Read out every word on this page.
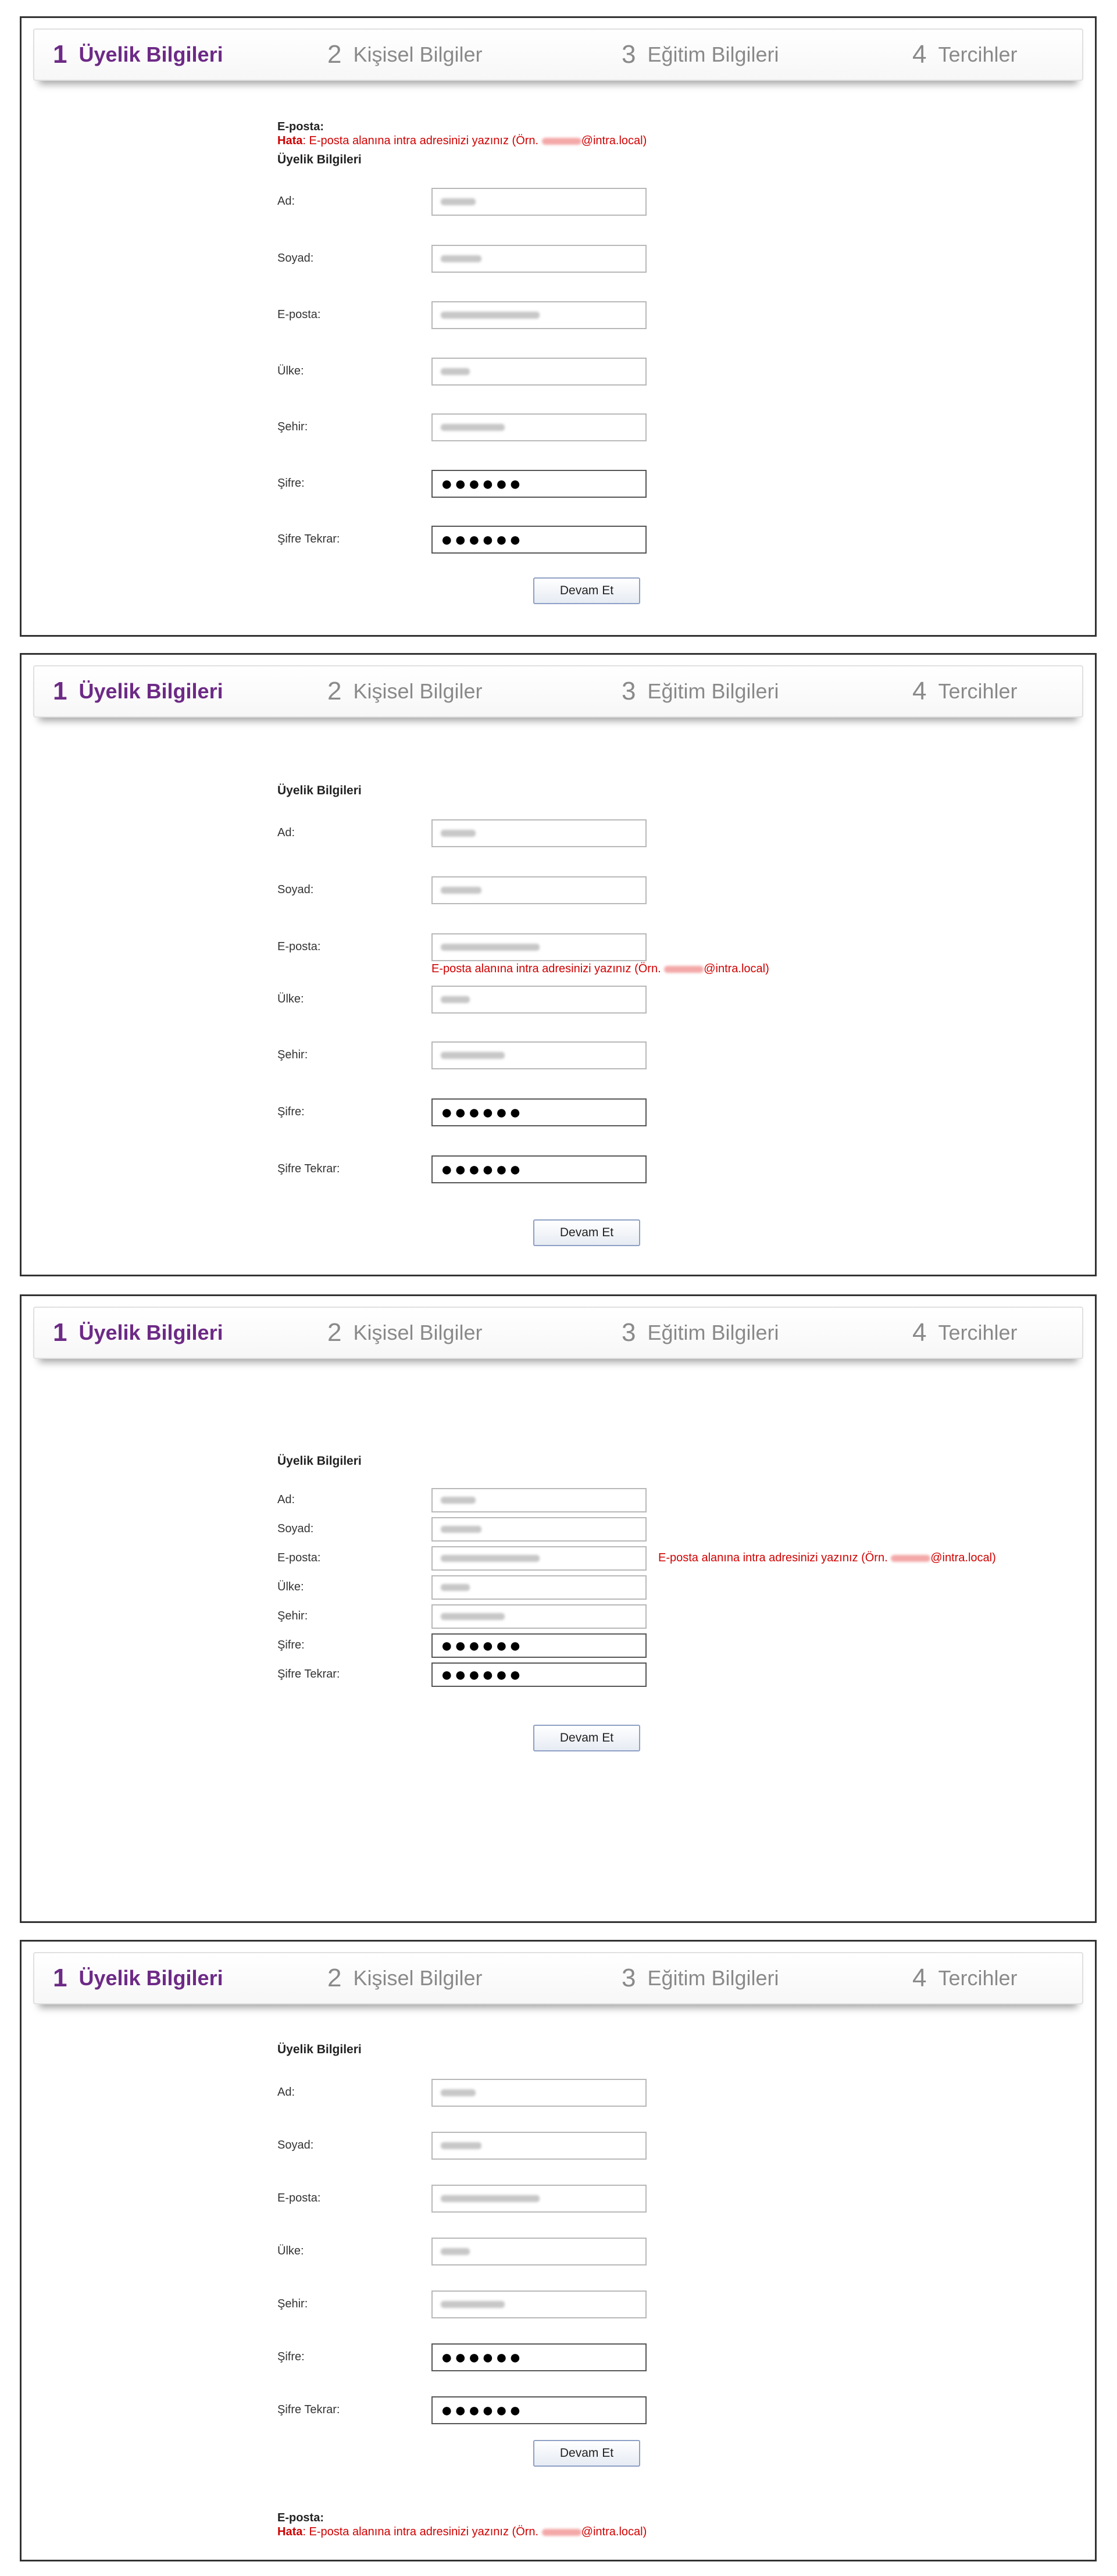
1 Üyelik Bilgileri	2 Kişisel Bilgiler	3 Eğitim Bilgileri	4 Tercihler
E-posta:
Hata: E-posta alanına intra adresinizi yazınız (Örn.	@intra.local)
Üyelik Bilgileri
Ad:
Soyad:
E-posta:
Ülke:
Şehir:
Şifre:	●●●●●●
Şifre Tekrar:	●●●●●●
Devam Et
1 Üyelik Bilgileri	2 Kişisel Bilgiler	3 Eğitim Bilgileri	4 Tercihler
Üyelik Bilgileri
Ad:
Soyad:
E-posta:
E-posta alanına intra adresinizi yazınız (Örn.	@intra.local)
Ülke:
Şehir:
Şifre:	●●●●●●
Şifre Tekrar:	●●●●●●
Devam Et
1 Üyelik Bilgileri	2 Kişisel Bilgiler	3 Eğitim Bilgileri	4 Tercihler
Üyelik Bilgileri
Ad:
Soyad:
E-posta:	E-posta alanına intra adresinizi yazınız (Örn.	@intra.local)
Ülke:
Şehir:
Şifre:	●●●●●●
Şifre Tekrar:	●●●●●●
Devam Et
1 Üyelik Bilgileri	2 Kişisel Bilgiler	3 Eğitim Bilgileri	4 Tercihler
Üyelik Bilgileri
Ad:
Soyad:
E-posta:
Ülke:
Şehir:
Şifre:	●●●●●●
Şifre Tekrar:	●●●●●●
Devam Et
E-posta:
Hata: E-posta alanına intra adresinizi yazınız (Örn.	@intra.local)
